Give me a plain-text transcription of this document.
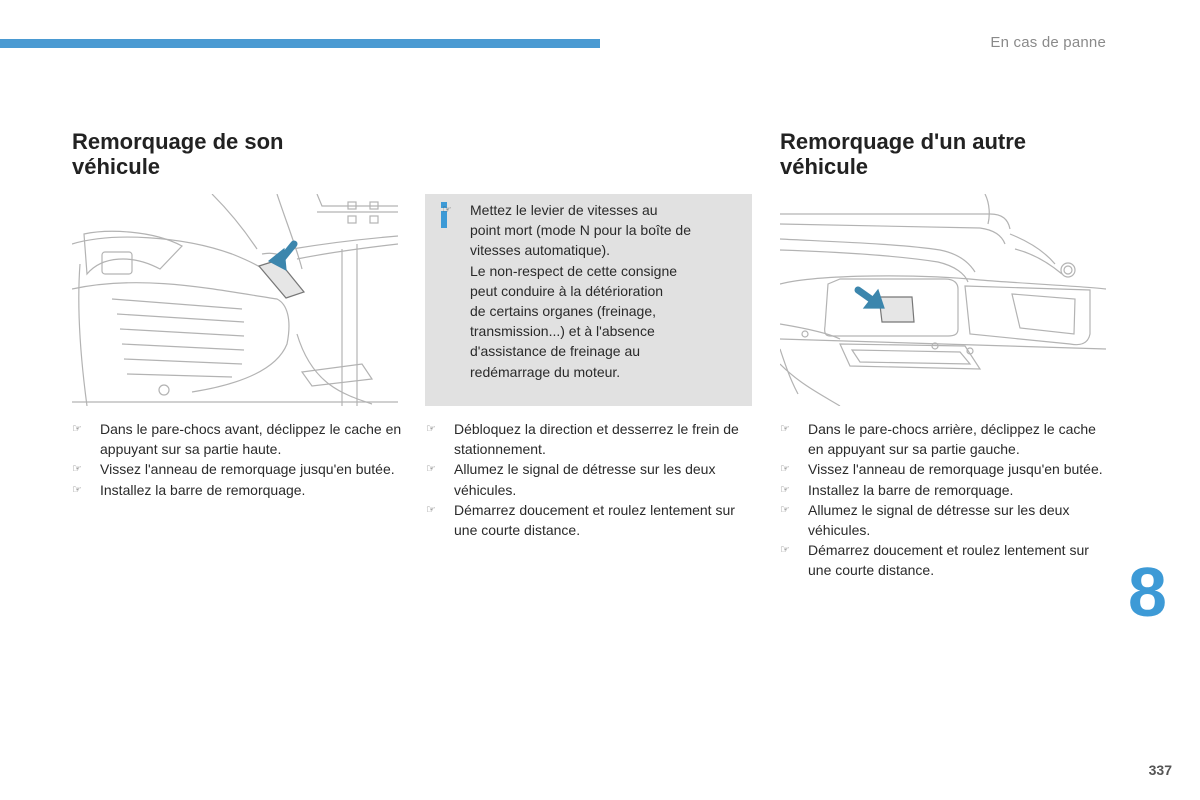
En cas de panne
Remorquage de son
véhicule
☞ Dans le pare-chocs avant, déclippez le cache en appuyant sur sa partie haute.
☞ Vissez l'anneau de remorquage jusqu'en butée.
☞ Installez la barre de remorquage.
☞ Mettez le levier de vitesses au
point mort (mode N pour la boîte de
vitesses automatique).
Le non-respect de cette consigne
peut conduire à la détérioration
de certains organes (freinage,
transmission...) et à l'absence
d'assistance de freinage au
redémarrage du moteur.
☞ Débloquez la direction et desserrez le frein de stationnement.
☞ Allumez le signal de détresse sur les deux véhicules.
☞ Démarrez doucement et roulez lentement sur une courte distance.
Remorquage d'un autre
véhicule
☞ Dans le pare-chocs arrière, déclippez le cache en appuyant sur sa partie gauche.
☞ Vissez l'anneau de remorquage jusqu'en butée.
☞ Installez la barre de remorquage.
☞ Allumez le signal de détresse sur les deux véhicules.
☞ Démarrez doucement et roulez lentement sur une courte distance.	8
337
